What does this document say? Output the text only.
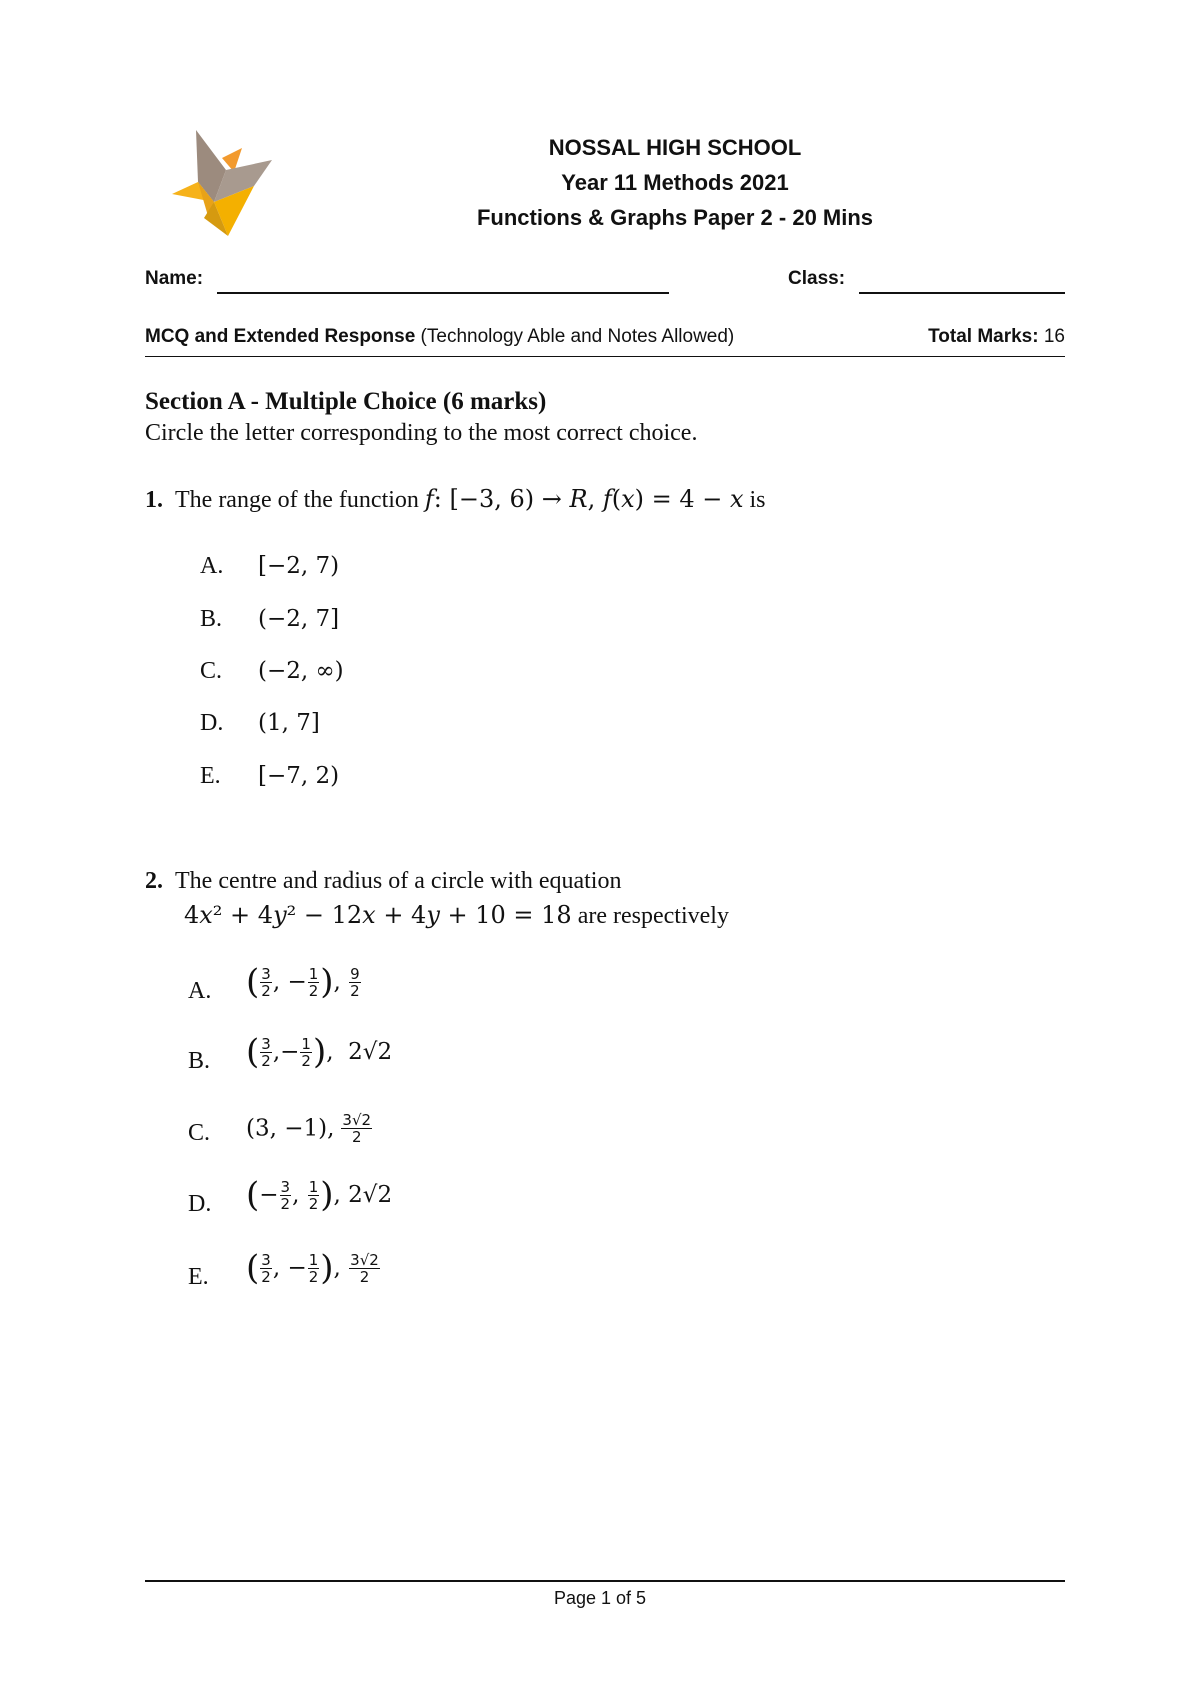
NOSSAL HIGH SCHOOL
Year 11 Methods 2021
Functions & Graphs Paper 2 - 20 Mins
Name:	Class:
MCQ and Extended Response (Technology Able and Notes Allowed)	Total Marks: 16
Section A - Multiple Choice (6 marks)
Circle the letter corresponding to the most correct choice.
1. The range of the function 𝑓: [−3, 6) → 𝑅, 𝑓(𝑥) = 4 − 𝑥 is
A. [−2, 7)
B. (−2, 7]
C. (−2, ∞)
D. (1, 7]
E. [−7, 2)
2. The centre and radius of a circle with equation
4𝑥² + 4𝑦² − 12𝑥 + 4𝑦 + 10 = 18 are respectively
A. ( $\frac{3}{2}$ , − $\frac{1}{2}$ ), $\frac{9}{2}$
B. ( $\frac{3}{2}$ ,− $\frac{1}{2}$ ),  2√2
C. (3, −1), $\frac{3√2}{2}$
D. (− $\frac{3}{2}$ , $\frac{1}{2}$ ), 2√2
E. ( $\frac{3}{2}$ , − $\frac{1}{2}$ ), $\frac{3√2}{2}$
Page 1 of 5
